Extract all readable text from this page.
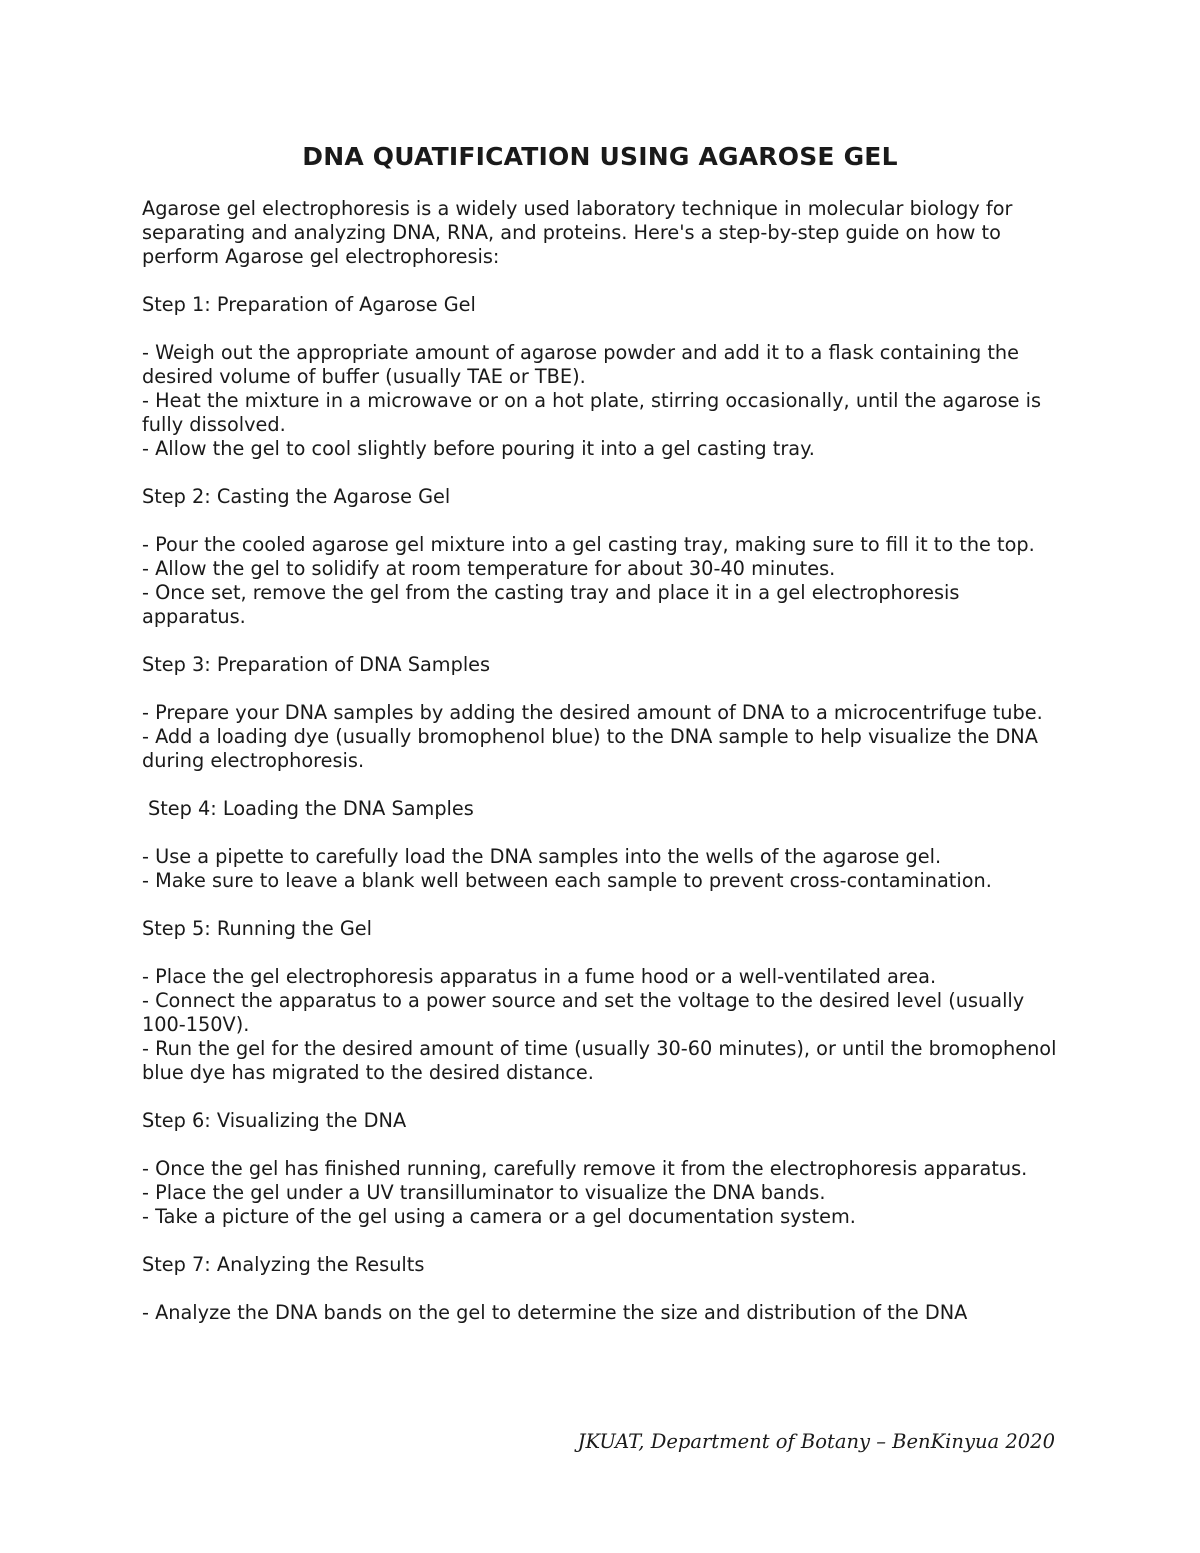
DNA QUATIFICATION USING AGAROSE GEL

Agarose gel electrophoresis is a widely used laboratory technique in molecular biology for separating and analyzing DNA, RNA, and proteins. Here's a step-by-step guide on how to perform Agarose gel electrophoresis:

Step 1: Preparation of Agarose Gel

- Weigh out the appropriate amount of agarose powder and add it to a flask containing the desired volume of buffer (usually TAE or TBE).

- Heat the mixture in a microwave or on a hot plate, stirring occasionally, until the agarose is fully dissolved.

- Allow the gel to cool slightly before pouring it into a gel casting tray.

Step 2: Casting the Agarose Gel

- Pour the cooled agarose gel mixture into a gel casting tray, making sure to fill it to the top.

- Allow the gel to solidify at room temperature for about 30-40 minutes.

- Once set, remove the gel from the casting tray and place it in a gel electrophoresis apparatus.

Step 3: Preparation of DNA Samples

- Prepare your DNA samples by adding the desired amount of DNA to a microcentrifuge tube.

- Add a loading dye (usually bromophenol blue) to the DNA sample to help visualize the DNA during electrophoresis.

Step 4: Loading the DNA Samples

- Use a pipette to carefully load the DNA samples into the wells of the agarose gel.

- Make sure to leave a blank well between each sample to prevent cross-contamination.

Step 5: Running the Gel

- Place the gel electrophoresis apparatus in a fume hood or a well-ventilated area.

- Connect the apparatus to a power source and set the voltage to the desired level (usually 100-150V).

- Run the gel for the desired amount of time (usually 30-60 minutes), or until the bromophenol blue dye has migrated to the desired distance.

Step 6: Visualizing the DNA

- Once the gel has finished running, carefully remove it from the electrophoresis apparatus.

- Place the gel under a UV transilluminator to visualize the DNA bands.

- Take a picture of the gel using a camera or a gel documentation system.

Step 7: Analyzing the Results

- Analyze the DNA bands on the gel to determine the size and distribution of the DNA

JKUAT, Department of Botany – BenKinyua 2020
